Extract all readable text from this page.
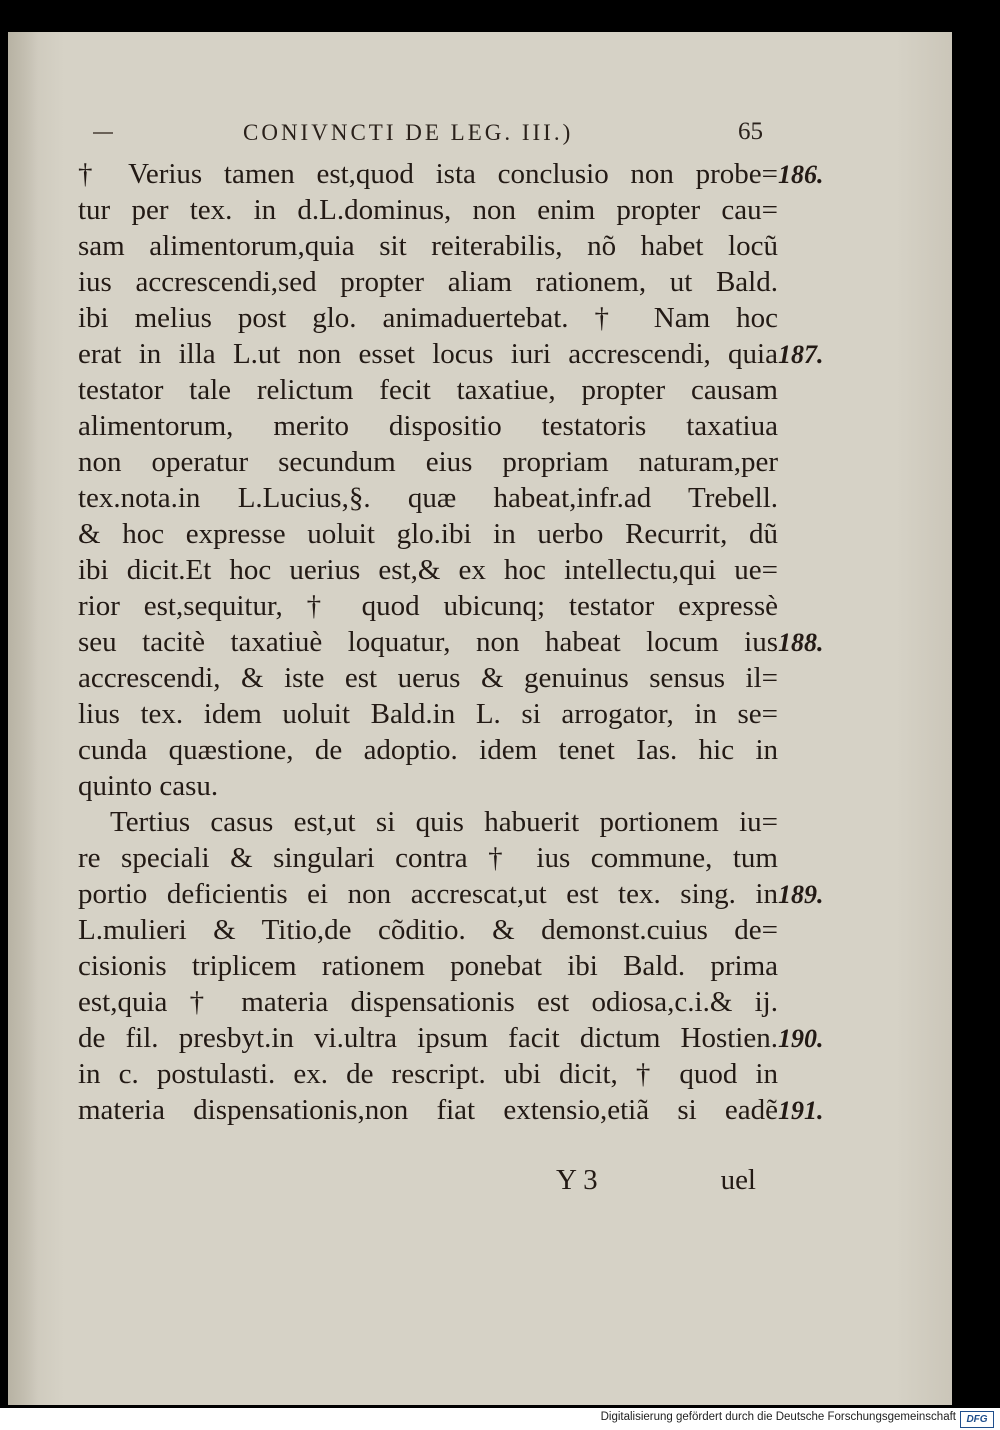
CONIVNCTI DE LEG. III.)	65
† Verius tamen est,quod ista conclusio non probe=
tur per tex. in d.L.dominus, non enim propter cau=
sam alimentorum,quia sit reiterabilis, nõ habet locũ
ius accrescendi,sed propter aliam rationem, ut Bald.
ibi melius post glo. animaduertebat. † Nam hoc
erat in illa L.ut non esset locus iuri accrescendi, quia
testator tale relictum fecit taxatiue, propter causam
alimentorum, merito dispositio testatoris taxatiua
non operatur secundum eius propriam naturam,per
tex.nota.in L.Lucius,§. quæ habeat,infr.ad Trebell.
& hoc expresse uoluit glo.ibi in uerbo Recurrit, dũ
ibi dicit.Et hoc uerius est,& ex hoc intellectu,qui ue=
rior est,sequitur, † quod ubicunq; testator expressè
seu tacitè taxatiuè loquatur, non habeat locum ius
accrescendi, & iste est uerus & genuinus sensus il=
lius tex. idem uoluit Bald.in L. si arrogator, in se=
cunda quæstione, de adoptio. idem tenet Ias. hic in
quinto casu.
Tertius casus est,ut si quis habuerit portionem iu=
re speciali & singulari contra † ius commune, tum
portio deficientis ei non accrescat,ut est tex. sing. in
L.mulieri & Titio,de cõditio. & demonst.cuius de=
cisionis triplicem rationem ponebat ibi Bald. prima
est,quia † materia dispensationis est odiosa,c.i.& ij.
de fil. presbyt.in vi.ultra ipsum facit dictum Hostien.
in c. postulasti. ex. de rescript. ubi dicit, † quod in
materia dispensationis,non fiat extensio,etiã si eadẽ
186.
187.
188.
189.
190.
191.
Y 3	uel
Digitalisierung gefördert durch die Deutsche Forschungsgemeinschaft	DFG
